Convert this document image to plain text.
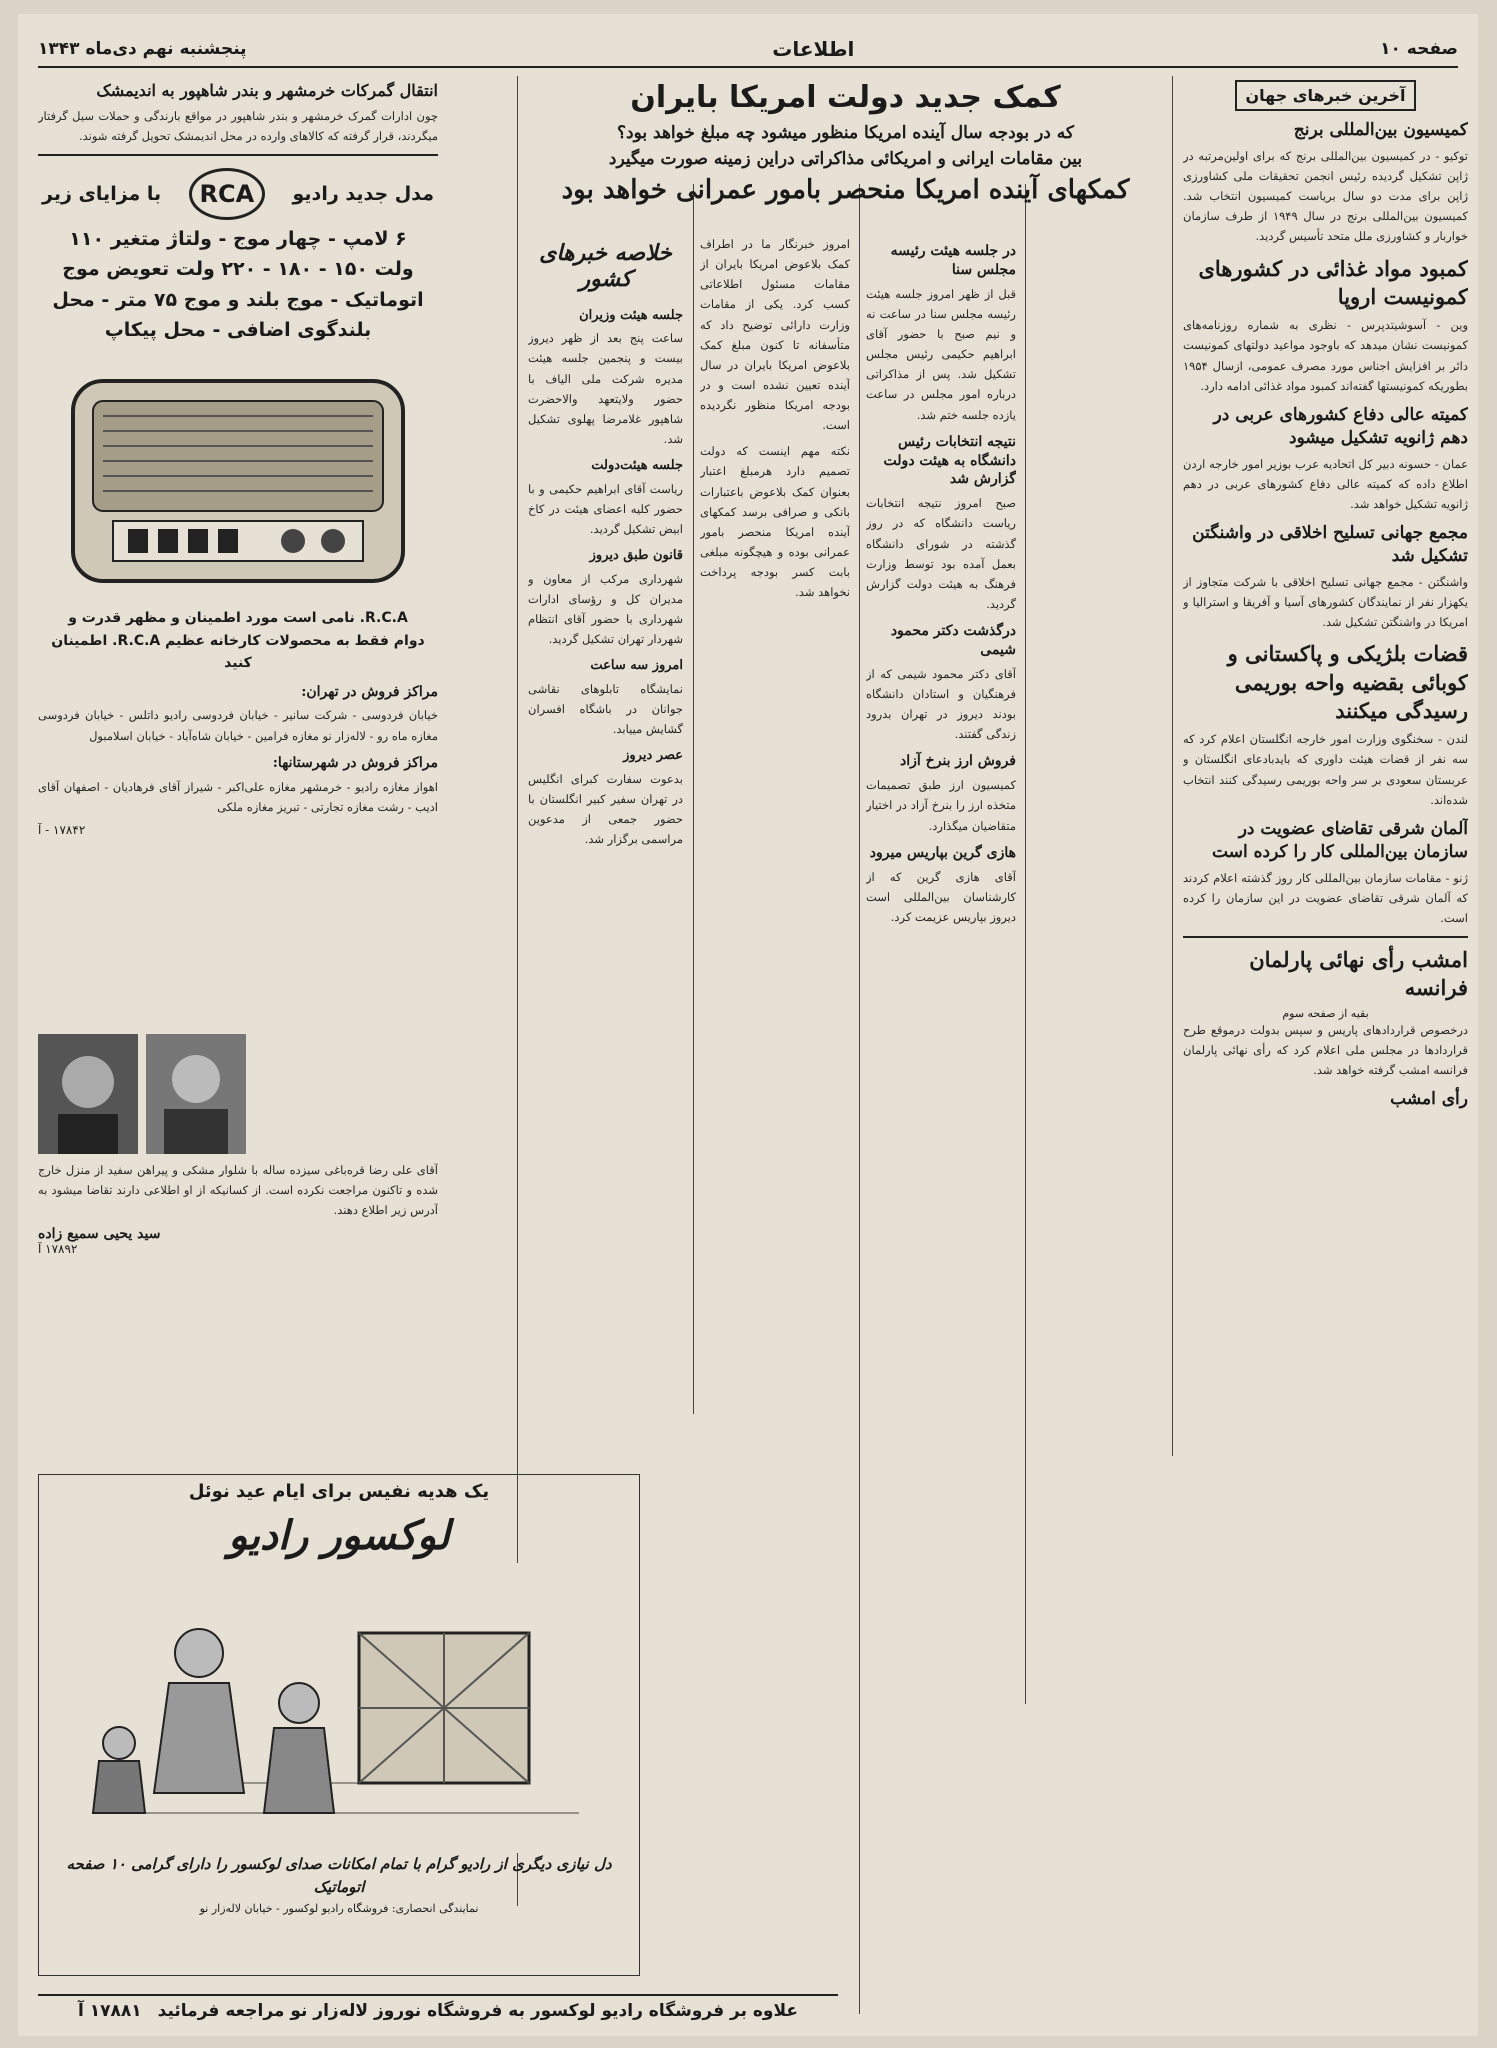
صفحه ۱۰
اطلاعات
پنجشنبه نهم دی‌ماه ۱۳۴۳
آخرین خبرهای جهان
کمیسیون بین‌المللی برنج

توکیو - در کمیسیون بین‌المللی برنج که برای اولین‌مرتبه در ژاپن تشکیل گردیده رئیس انجمن تحقیقات ملی کشاورزی ژاپن برای مدت دو سال بریاست کمیسیون انتخاب شد. کمیسیون بین‌المللی برنج در سال ۱۹۴۹ از طرف سازمان خواربار و کشاورزی ملل متحد تأسیس گردید.

کمبود مواد غذائی در کشورهای کمونیست اروپا

وین - آسوشیتدپرس - نظری به شماره روزنامه‌های کمونیست نشان میدهد که باوجود مواعید دولتهای کمونیست دائر بر افزایش اجناس مورد مصرف عمومی، ازسال ۱۹۵۴ بطوریکه کمونیستها گفته‌اند کمبود مواد غذائی ادامه دارد.

کمیته عالی دفاع کشورهای عربی در دهم ژانویه تشکیل میشود

عمان - حسونه دبیر کل اتحادیه عرب بوزیر امور خارجه اردن اطلاع داده که کمیته عالی دفاع کشورهای عربی در دهم ژانویه تشکیل خواهد شد.

مجمع جهانی تسلیح اخلاقی در واشنگتن تشکیل شد

واشنگتن - مجمع جهانی تسلیح اخلاقی با شرکت متجاوز از یکهزار نفر از نمایندگان کشورهای آسیا و آفریقا و استرالیا و امریکا در واشنگتن تشکیل شد.

قضات بلژیکی و پاکستانی و کوبائی بقضیه واحه بوریمی رسیدگی میکنند

لندن - سخنگوی وزارت امور خارجه انگلستان اعلام کرد که سه نفر از قضات هیئت داوری که بایدبادعای انگلستان و عربستان سعودی بر سر واحه بوریمی رسیدگی کنند انتخاب شده‌اند.

آلمان شرقی تقاضای عضویت در سازمان بین‌المللی کار را کرده است

ژنو - مقامات سازمان بین‌المللی کار روز گذشته اعلام کردند که آلمان شرقی تقاضای عضویت در این سازمان را کرده است.

امشب رأی نهائی پارلمان فرانسه
بقیه از صفحه سوم

درخصوص قراردادهای پاریس و سپس بدولت درموقع طرح قراردادها در مجلس ملی اعلام کرد که رأی نهائی پارلمان فرانسه امشب گرفته خواهد شد.

رأی امشب
کمک جدید دولت امریکا بایران
که در بودجه سال آینده امریکا منظور میشود چه مبلغ خواهد بود؟
بین مقامات ایرانی و امریکائی مذاکراتی دراین زمینه صورت میگیرد
کمکهای آینده امریکا منحصر بامور عمرانی خواهد بود
خلاصه خبرهای کشور
جلسه هیئت وزیران

ساعت پنج بعد از ظهر دیروز بیست و پنجمین جلسه هیئت مدیره شرکت ملی الیاف با حضور ولایتعهد والاحضرت شاهپور غلامرضا پهلوی تشکیل شد.

جلسه هیئت‌دولت

ریاست آقای ابراهیم حکیمی و با حضور کلیه اعضای هیئت در کاخ ابیض تشکیل گردید.

قانون طبق دیروز

شهرداری مرکب از معاون و مدیران کل و رؤسای ادارات شهرداری با حضور آقای انتظام شهردار تهران تشکیل گردید.

امروز سه ساعت

نمایشگاه تابلوهای نقاشی جوانان در باشگاه افسران گشایش مییابد.

عصر دیروز

بدعوت سفارت کبرای انگلیس در تهران سفیر کبیر انگلستان با حضور جمعی از مدعوین مراسمی برگزار شد.

امروز خبرنگار ما در اطراف کمک بلاعوض امریکا بایران از مقامات مسئول اطلاعاتی کسب کرد. یکی از مقامات وزارت دارائی توضیح داد که متأسفانه تا کنون مبلغ کمک بلاعوض امریکا بایران در سال آینده تعیین نشده است و در بودجه امریکا منظور نگردیده است.

نکته مهم اینست که دولت تصمیم دارد هرمبلغ اعتبار بعنوان کمک بلاعوض باعتبارات بانکی و صرافی برسد کمکهای آینده امریکا منحصر بامور عمرانی بوده و هیچگونه مبلغی بابت کسر بودجه پرداخت نخواهد شد.

در جلسه هیئت رئیسه مجلس سنا

قبل از ظهر امروز جلسه هیئت رئیسه مجلس سنا در ساعت نه و نیم صبح با حضور آقای ابراهیم حکیمی رئیس مجلس تشکیل شد. پس از مذاکراتی درباره امور مجلس در ساعت یازده جلسه ختم شد.

نتیجه انتخابات رئیس دانشگاه به هیئت دولت گزارش شد

صبح امروز نتیجه انتخابات ریاست دانشگاه که در روز گذشته در شورای دانشگاه بعمل آمده بود توسط وزارت فرهنگ به هیئت دولت گزارش گردید.

درگذشت دکتر محمود شیمی

آقای دکتر محمود شیمی که از فرهنگیان و استادان دانشگاه بودند دیروز در تهران بدرود زندگی گفتند.

فروش ارز بنرخ آزاد

کمیسیون ارز طبق تصمیمات متخذه ارز را بنرخ آزاد در اختیار متقاضیان میگذارد.

هازی گرین بپاریس میرود

آقای هازی گرین که از کارشناسان بین‌المللی است دیروز بپاریس عزیمت کرد.

انتقال گمرکات خرمشهر و بندر شاهپور به اندیمشک

چون ادارات گمرک خرمشهر و بندر شاهپور در مواقع بارندگی و حملات سیل گرفتار میگردند، قرار گرفته که کالاهای وارده در محل اندیمشک تحویل گرفته شوند.

مدل جدید رادیو
RCA
با مزایای زیر
۶ لامپ - چهار موج - ولتاژ متغیر ۱۱۰
ولت ۱۵۰ - ۱۸۰ - ۲۲۰ ولت تعویض موج
اتوماتیک - موج بلند و موج ۷۵ متر - محل
بلندگوی اضافی - محل پیکاپ
R.C.A. نامی است مورد اطمینان و مظهر قدرت و
دوام فقط به محصولات کارخانه عظیم R.C.A. اطمینان کنید
مراکز فروش در تهران:

خیابان فردوسی - شرکت سانیر - خیابان فردوسی رادیو داتلس - خیابان فردوسی مغازه ماه رو - لاله‌زار نو مغازه فرامین - خیابان شاه‌آباد - خیابان اسلامبول

مراکز فروش در شهرستانها:

اهواز مغازه رادیو - خرمشهر مغازه علی‌اکبر - شیراز آقای فرهادیان - اصفهان آقای ادیب - رشت مغازه تجارتی - تبریز مغازه ملکی

۱۷۸۴۲ - آ

آقای علی رضا قره‌باغی سیزده ساله با شلوار مشکی و پیراهن سفید از منزل خارج شده و تاکنون مراجعت نکرده است. از کسانیکه از او اطلاعی دارند تقاضا میشود به آدرس زیر اطلاع دهند.

سید یحیی سمیع زاده
۱۷۸۹۲ آ
یک هدیه نفیس برای ایام عید نوئل
لوکسور رادیو
دل نیازی دیگری از رادیو گرام با تمام امکانات صدای لوکسور را دارای گرامی ۱۰ صفحه اتوماتیک
نمایندگی انحصاری: فروشگاه رادیو لوکسور - خیابان لاله‌زار نو
علاوه بر فروشگاه رادیو لوکسور به فروشگاه نوروز لاله‌زار نو مراجعه فرمائید
۱۷۸۸۱ آ
